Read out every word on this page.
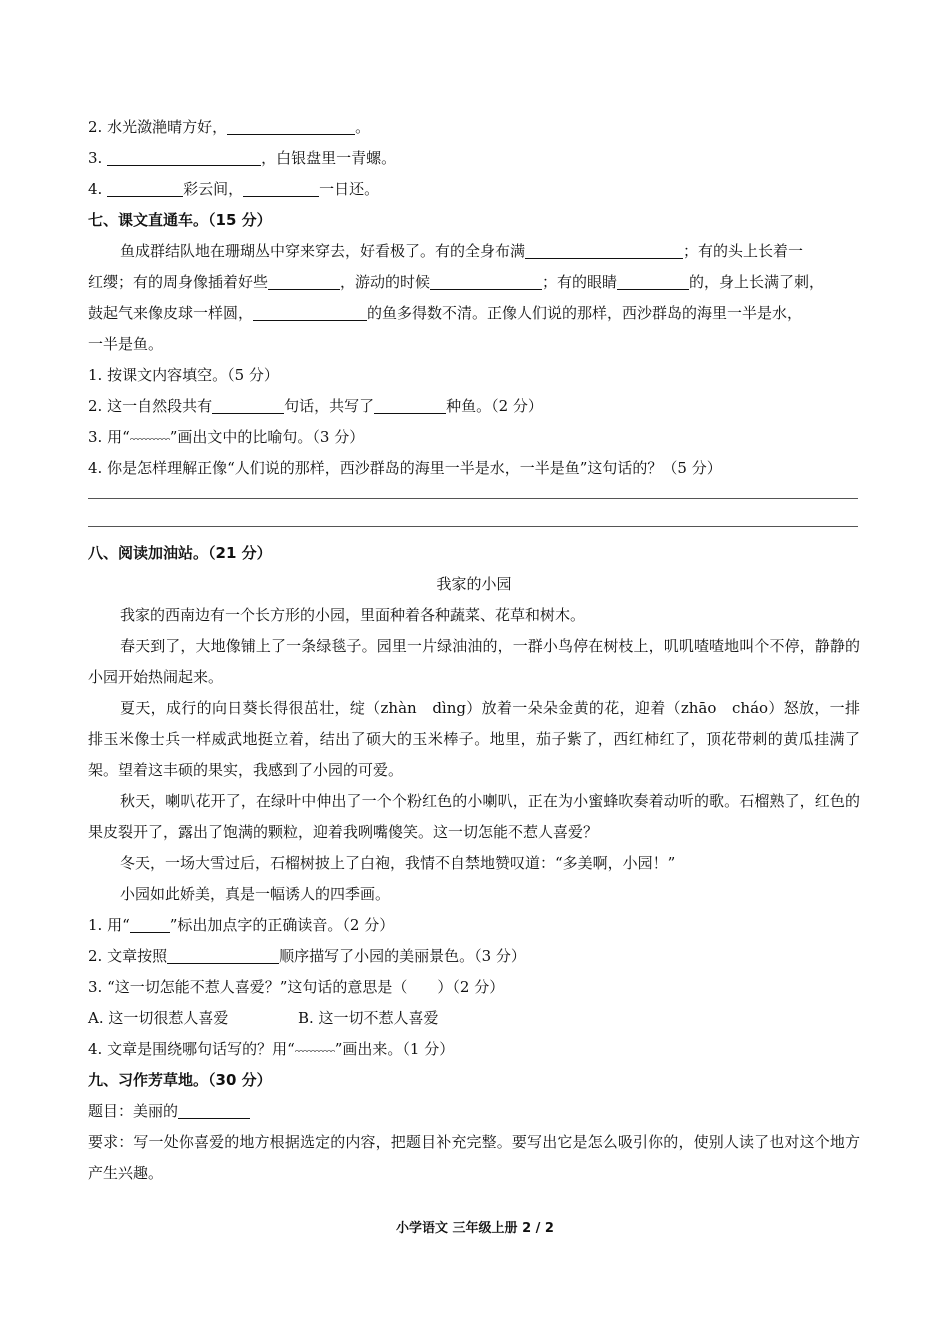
2. 水光潋滟晴方好，	。
3.	，白银盘里一青螺。
4.	彩云间，	一日还。
七、课文直通车。（15 分）
鱼成群结队地在珊瑚丛中穿来穿去，好看极了。有的全身布满	；有的头上长着一
红缨；有的周身像插着好些	，游动的时候	；有的眼睛	的，身上长满了刺，
鼓起气来像皮球一样圆，	的鱼多得数不清。正像人们说的那样，西沙群岛的海里一半是水，
一半是鱼。
1. 按课文内容填空。（5 分）
2. 这一自然段共有	句话，共写了	种鱼。（2 分）
3. 用“	”画出文中的比喻句。（3 分）
4. 你是怎样理解正像“人们说的那样，西沙群岛的海里一半是水，一半是鱼”这句话的？（5 分）
八、阅读加油站。（21 分）
我家的小园
我家的西南边有一个长方形的小园，里面种着各种蔬菜、花草和树木。
春天到了，大地像铺上了一条绿毯子。园里一片绿油油的，一群小鸟停在树枝上，叽叽喳喳地叫个不停，静静的小园开始热闹起来。
夏天，成行的向日葵长得很茁壮，绽（zhàn　dìng）放着一朵朵金黄的花，迎着（zhāo　cháo）怒放，一排排玉米像士兵一样威武地挺立着，结出了硕大的玉米棒子。地里，茄子紫了，西红柿红了，顶花带刺的黄瓜挂满了架。望着这丰硕的果实，我感到了小园的可爱。
秋天，喇叭花开了，在绿叶中伸出了一个个粉红色的小喇叭，正在为小蜜蜂吹奏着动听的歌。石榴熟了，红色的果皮裂开了，露出了饱满的颗粒，迎着我咧嘴傻笑。这一切怎能不惹人喜爱？
冬天，一场大雪过后，石榴树披上了白袍，我情不自禁地赞叹道：“多美啊，小园！”
小园如此娇美，真是一幅诱人的四季画。
1. 用“	”标出加点字的正确读音。（2 分）
2. 文章按照	顺序描写了小园的美丽景色。（3 分）
3. “这一切怎能不惹人喜爱？”这句话的意思是（　　）（2 分）
A. 这一切很惹人喜爱	B. 这一切不惹人喜爱
4. 文章是围绕哪句话写的？用“	”画出来。（1 分）
九、习作芳草地。（30 分）
题目：美丽的
要求：写一处你喜爱的地方根据选定的内容，把题目补充完整。要写出它是怎么吸引你的，使别人读了也对这个地方产生兴趣。
小学语文 三年级上册 2 / 2
